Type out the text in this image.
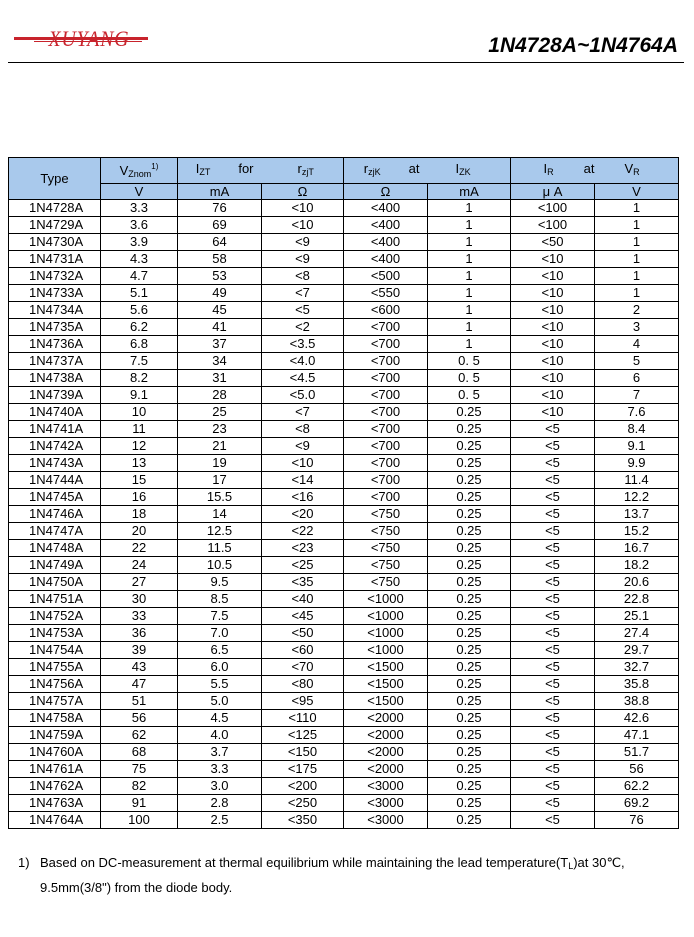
XUYANG	1N4728A~1N4764A
Type	$V_{Znom}^{1)}$	$I_{ZT}$ for	$r_{zjT}$	$r_{zjK}$ at	$I_{ZK}$	$I_R$ at	$V_R$
	V	mA	Ω	Ω	mA	μ A	V
1N4728A	3.3	76	<10	<400	1	<100	1
1N4729A	3.6	69	<10	<400	1	<100	1
1N4730A	3.9	64	<9	<400	1	<50	1
1N4731A	4.3	58	<9	<400	1	<10	1
1N4732A	4.7	53	<8	<500	1	<10	1
1N4733A	5.1	49	<7	<550	1	<10	1
1N4734A	5.6	45	<5	<600	1	<10	2
1N4735A	6.2	41	<2	<700	1	<10	3
1N4736A	6.8	37	<3.5	<700	1	<10	4
1N4737A	7.5	34	<4.0	<700	0. 5	<10	5
1N4738A	8.2	31	<4.5	<700	0. 5	<10	6
1N4739A	9.1	28	<5.0	<700	0. 5	<10	7
1N4740A	10	25	<7	<700	0.25	<10	7.6
1N4741A	11	23	<8	<700	0.25	<5	8.4
1N4742A	12	21	<9	<700	0.25	<5	9.1
1N4743A	13	19	<10	<700	0.25	<5	9.9
1N4744A	15	17	<14	<700	0.25	<5	11.4
1N4745A	16	15.5	<16	<700	0.25	<5	12.2
1N4746A	18	14	<20	<750	0.25	<5	13.7
1N4747A	20	12.5	<22	<750	0.25	<5	15.2
1N4748A	22	11.5	<23	<750	0.25	<5	16.7
1N4749A	24	10.5	<25	<750	0.25	<5	18.2
1N4750A	27	9.5	<35	<750	0.25	<5	20.6
1N4751A	30	8.5	<40	<1000	0.25	<5	22.8
1N4752A	33	7.5	<45	<1000	0.25	<5	25.1
1N4753A	36	7.0	<50	<1000	0.25	<5	27.4
1N4754A	39	6.5	<60	<1000	0.25	<5	29.7
1N4755A	43	6.0	<70	<1500	0.25	<5	32.7
1N4756A	47	5.5	<80	<1500	0.25	<5	35.8
1N4757A	51	5.0	<95	<1500	0.25	<5	38.8
1N4758A	56	4.5	<110	<2000	0.25	<5	42.6
1N4759A	62	4.0	<125	<2000	0.25	<5	47.1
1N4760A	68	3.7	<150	<2000	0.25	<5	51.7
1N4761A	75	3.3	<175	<2000	0.25	<5	56
1N4762A	82	3.0	<200	<3000	0.25	<5	62.2
1N4763A	91	2.8	<250	<3000	0.25	<5	69.2
1N4764A	100	2.5	<350	<3000	0.25	<5	76
1) Based on DC-measurement at thermal equilibrium while maintaining the lead $temperature(T_L)at$ 30℃,
9.5mm(3/8") from the diode body.
